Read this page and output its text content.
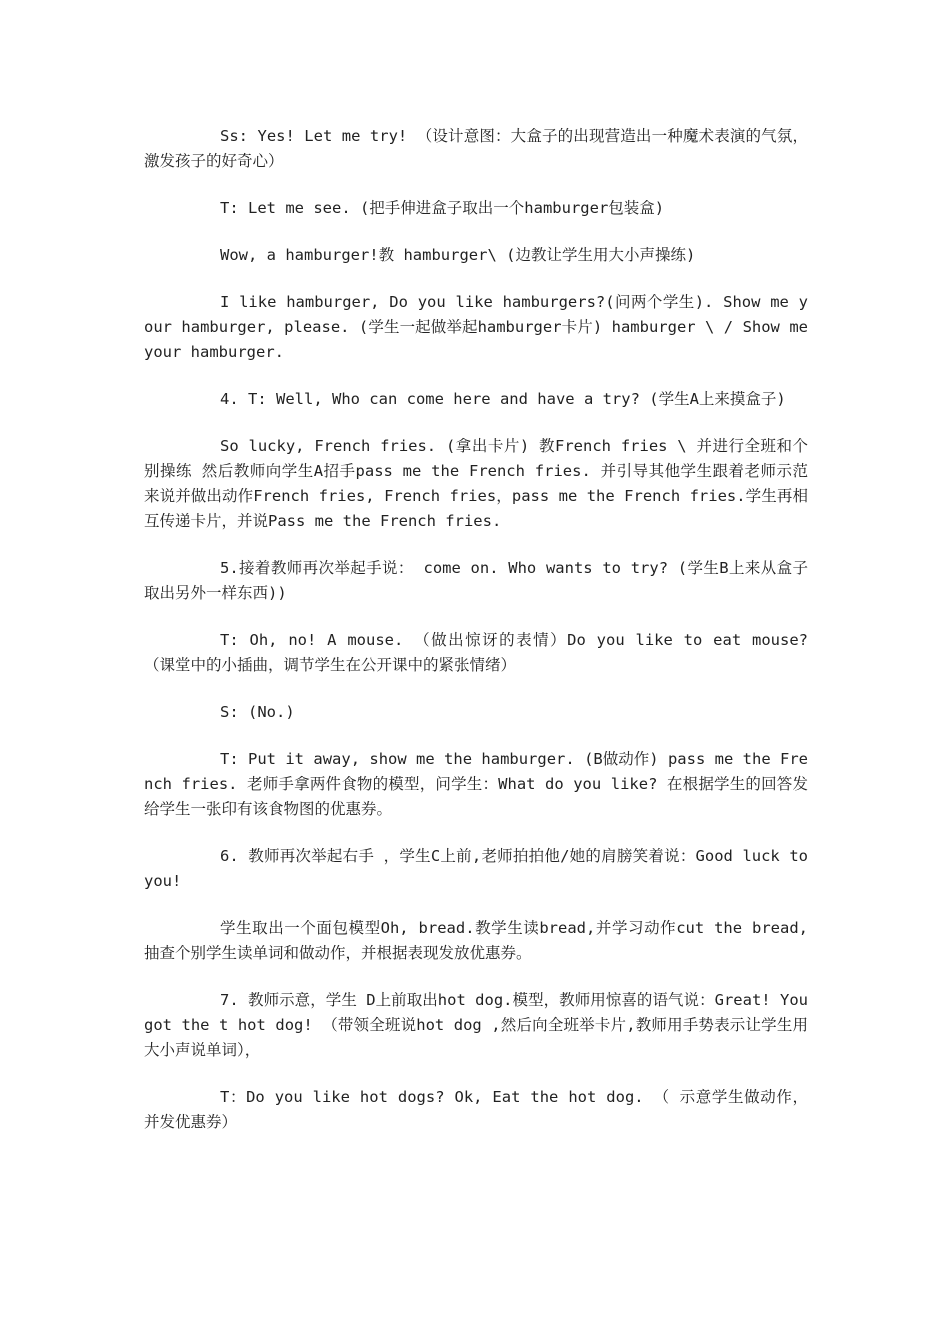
Ss: Yes! Let me try! （设计意图：大盒子的出现营造出一种魔术表演的气氛，激发孩子的好奇心）

T: Let me see. (把手伸进盒子取出一个hamburger包装盒)

Wow, a hamburger!教 hamburger\ (边教让学生用大小声操练)

I like hamburger, Do you like hamburgers?(问两个学生). Show me your hamburger, please. (学生一起做举起hamburger卡片) hamburger \ / Show me your hamburger.

4. T: Well, Who can come here and have a try? (学生A上来摸盒子)

So lucky, French fries. (拿出卡片) 教French fries \ 并进行全班和个别操练 然后教师向学生A招手pass me the French fries. 并引导其他学生跟着老师示范来说并做出动作French fries, French fries，pass me the French fries.学生再相互传递卡片，并说Pass me the French fries.

5.接着教师再次举起手说： come on. Who wants to try? (学生B上来从盒子取出另外一样东西))

T: Oh, no! A mouse. （做出惊讶的表情）Do you like to eat mouse?（课堂中的小插曲，调节学生在公开课中的紧张情绪）

S: (No.)

T: Put it away, show me the hamburger. (B做动作) pass me the French fries. 老师手拿两件食物的模型，问学生：What do you like? 在根据学生的回答发给学生一张印有该食物图的优惠券。

6. 教师再次举起右手 ，学生C上前,老师拍拍他/她的肩膀笑着说：Good luck to you!

学生取出一个面包模型Oh, bread.教学生读bread,并学习动作cut the bread,抽查个别学生读单词和做动作，并根据表现发放优惠券。

7. 教师示意，学生 D上前取出hot dog.模型，教师用惊喜的语气说：Great! You got the t hot dog! （带领全班说hot dog ,然后向全班举卡片,教师用手势表示让学生用大小声说单词），

T：Do you like hot dogs? Ok, Eat the hot dog. （ 示意学生做动作，并发优惠券）
